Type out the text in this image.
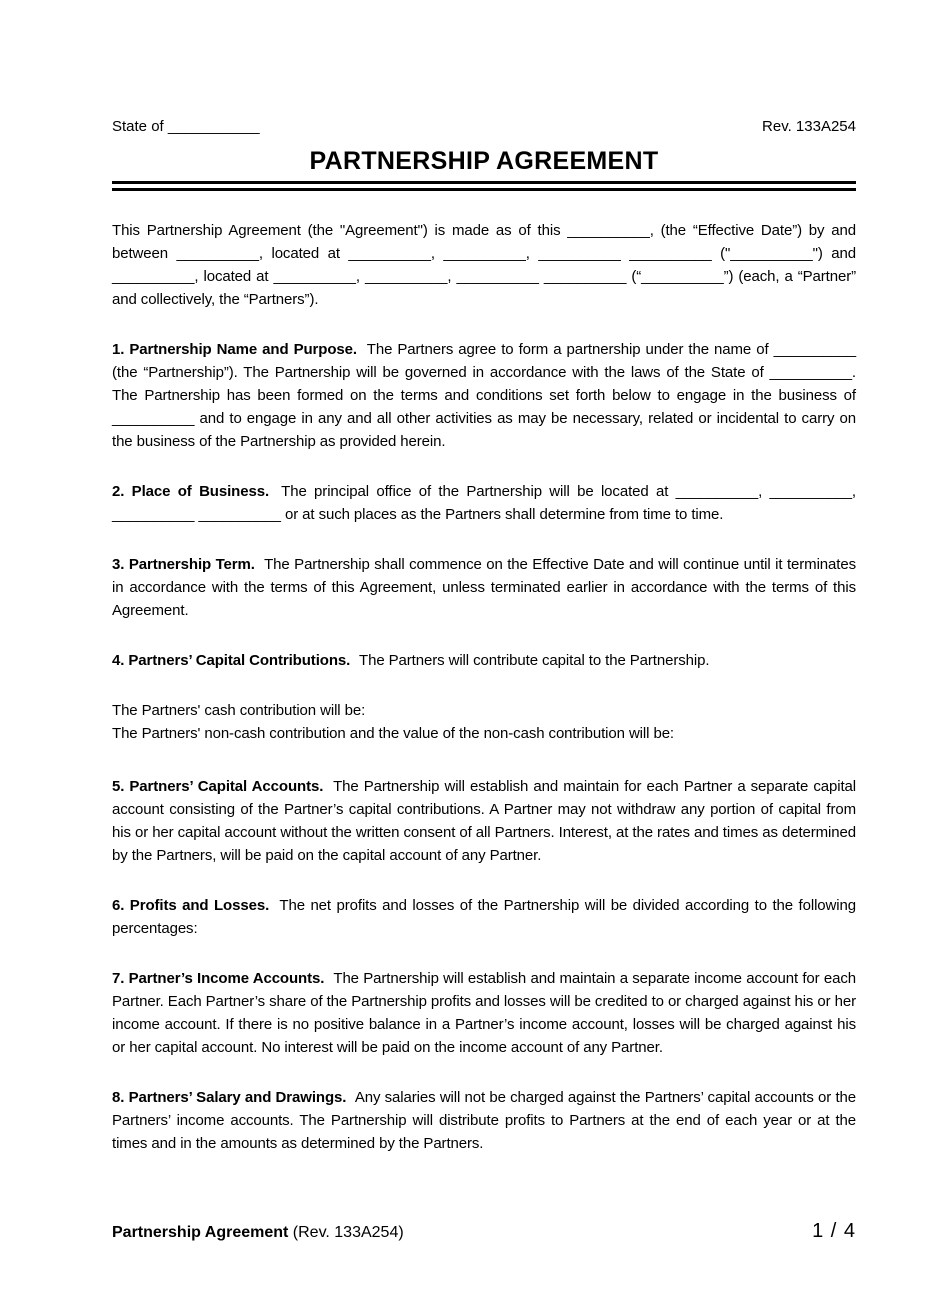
State of ___________	Rev. 133A254
PARTNERSHIP AGREEMENT

This Partnership Agreement (the "Agreement") is made as of this __________, (the “Effective Date”) by and between __________, located at __________, __________, __________ __________ ("__________") and __________, located at __________, __________, __________ __________ (“__________”) (each, a “Partner” and collectively, the “Partners”).

1. Partnership Name and Purpose. The Partners agree to form a partnership under the name of __________ (the “Partnership”). The Partnership will be governed in accordance with the laws of the State of __________. The Partnership has been formed on the terms and conditions set forth below to engage in the business of __________ and to engage in any and all other activities as may be necessary, related or incidental to carry on the business of the Partnership as provided herein.

2. Place of Business. The principal office of the Partnership will be located at __________, __________, __________ __________ or at such places as the Partners shall determine from time to time.

3. Partnership Term. The Partnership shall commence on the Effective Date and will continue until it terminates in accordance with the terms of this Agreement, unless terminated earlier in accordance with the terms of this Agreement.

4. Partners’ Capital Contributions. The Partners will contribute capital to the Partnership.

The Partners' cash contribution will be:

The Partners' non-cash contribution and the value of the non-cash contribution will be:

5. Partners’ Capital Accounts. The Partnership will establish and maintain for each Partner a separate capital account consisting of the Partner’s capital contributions. A Partner may not withdraw any portion of capital from his or her capital account without the written consent of all Partners. Interest, at the rates and times as determined by the Partners, will be paid on the capital account of any Partner.

6. Profits and Losses. The net profits and losses of the Partnership will be divided according to the following percentages:

7. Partner’s Income Accounts. The Partnership will establish and maintain a separate income account for each Partner. Each Partner’s share of the Partnership profits and losses will be credited to or charged against his or her income account. If there is no positive balance in a Partner’s income account, losses will be charged against his or her capital account. No interest will be paid on the income account of any Partner.

8. Partners’ Salary and Drawings. Any salaries will not be charged against the Partners’ capital accounts or the Partners’ income accounts. The Partnership will distribute profits to Partners at the end of each year or at the times and in the amounts as determined by the Partners.

Partnership Agreement (Rev. 133A254)	1 / 4
